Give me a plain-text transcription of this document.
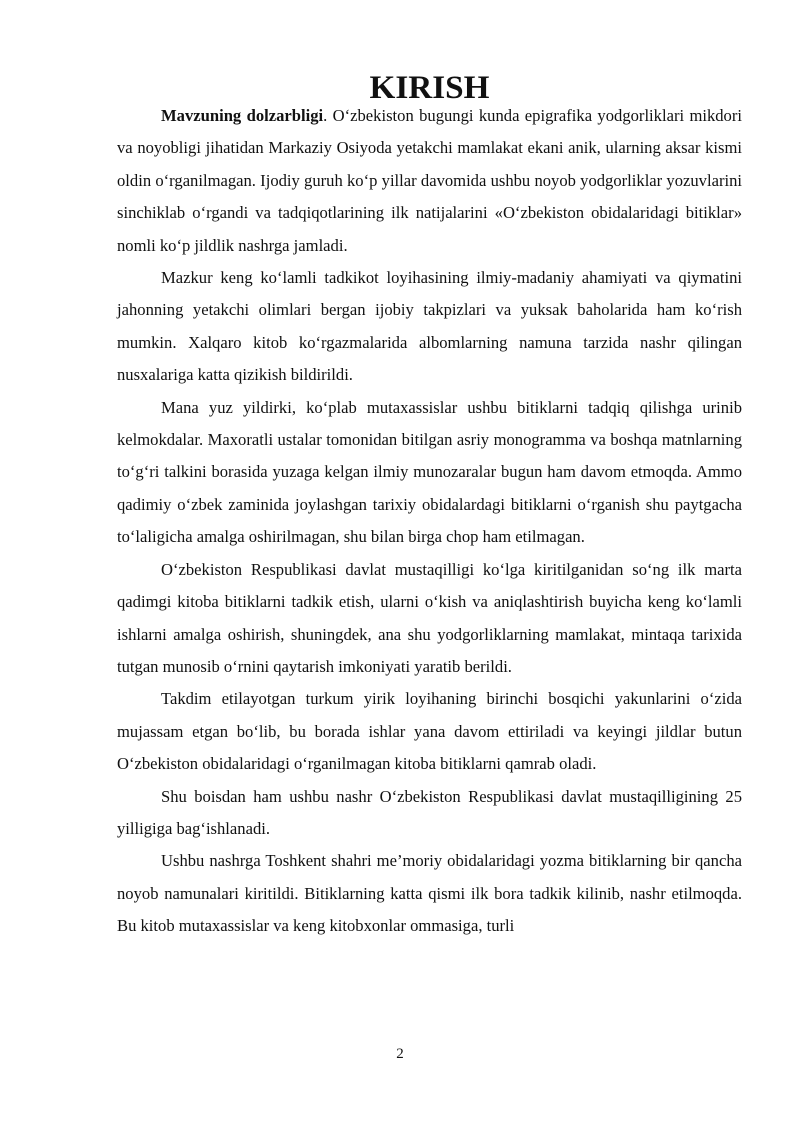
KIRISH

Mavzuning dolzarbligi. O‘zbekiston bugungi kunda epigrafika yodgorliklari mikdori va noyobligi jihatidan Markaziy Osiyoda yetakchi mamlakat ekani anik, ularning aksar kismi oldin o‘rganilmagan. Ijodiy guruh ko‘p yillar davomida ushbu noyob yodgorliklar yozuvlarini sinchiklab o‘rgandi va tadqiqotlarining ilk natijalarini «O‘zbekiston obidalaridagi bitiklar» nomli ko‘p jildlik nashrga jamladi.

Mazkur keng ko‘lamli tadkikot loyihasining ilmiy-madaniy ahamiyati va qiymatini jahonning yetakchi olimlari bergan ijobiy takpizlari va yuksak baholarida ham ko‘rish mumkin. Xalqaro kitob ko‘rgazmalarida albomlarning namuna tarzida nashr qilingan nusxalariga katta qizikish bildirildi.

Mana yuz yildirki, ko‘plab mutaxassislar ushbu bitiklarni tadqiq qilishga urinib kelmokdalar. Maxoratli ustalar tomonidan bitilgan asriy monogramma va boshqa matnlarning to‘g‘ri talkini borasida yuzaga kelgan ilmiy munozaralar bugun ham davom etmoqda. Ammo qadimiy o‘zbek zaminida joylashgan tarixiy obidalardagi bitiklarni o‘rganish shu paytgacha to‘laligicha amalga oshirilmagan, shu bilan birga chop ham etilmagan.

O‘zbekiston Respublikasi davlat mustaqilligi ko‘lga kiritilganidan so‘ng ilk marta qadimgi kitoba bitiklarni tadkik etish, ularni o‘kish va aniqlashtirish buyicha keng ko‘lamli ishlarni amalga oshirish, shuningdek, ana shu yodgorliklarning mamlakat, mintaqa tarixida tutgan munosib o‘rnini qaytarish imkoniyati yaratib berildi.

Takdim etilayotgan turkum yirik loyihaning birinchi bosqichi yakunlarini o‘zida mujassam etgan bo‘lib, bu borada ishlar yana davom ettiriladi va keyingi jildlar butun O‘zbekiston obidalaridagi o‘rganilmagan kitoba bitiklarni qamrab oladi.

Shu boisdan ham ushbu nashr O‘zbekiston Respublikasi davlat mustaqilligining 25 yilligiga bag‘ishlanadi.

Ushbu nashrga Toshkent shahri me’moriy obidalaridagi yozma bitiklarning bir qancha noyob namunalari kiritildi. Bitiklarning katta qismi ilk bora tadkik kilinib, nashr etilmoqda. Bu kitob mutaxassislar va keng kitobxonlar ommasiga, turli

2
